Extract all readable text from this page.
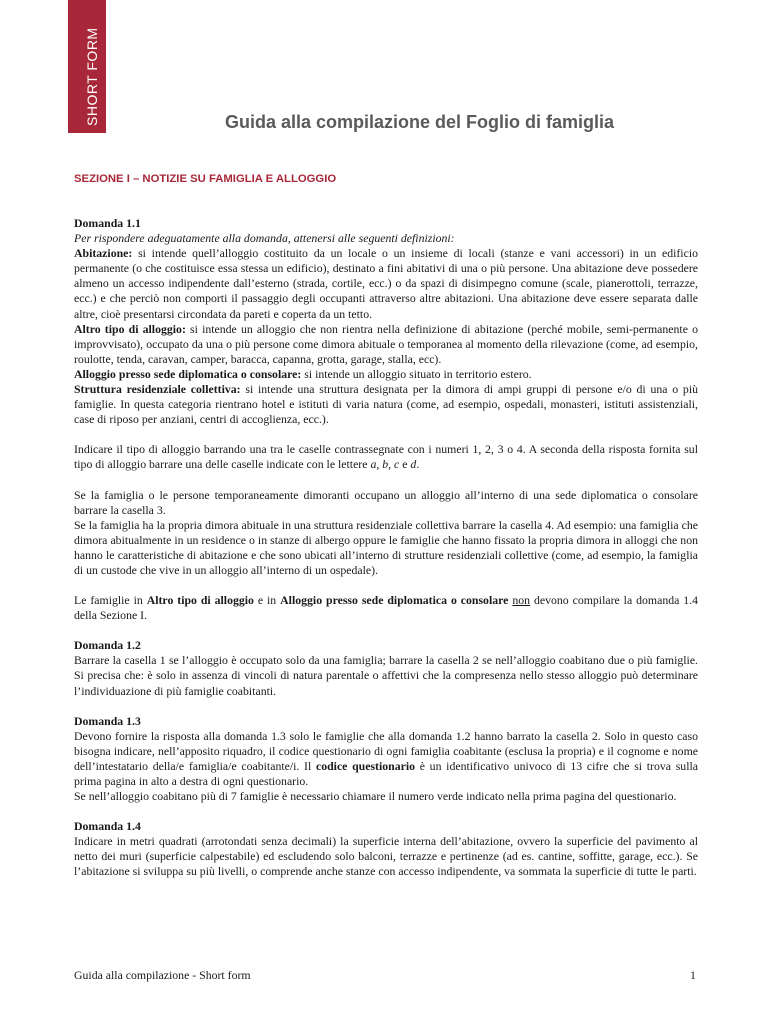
SHORT FORM	Guida alla compilazione del Foglio di famiglia
SEZIONE I – NOTIZIE SU FAMIGLIA E ALLOGGIO

Domanda 1.1

Per rispondere adeguatamente alla domanda, attenersi alle seguenti definizioni:

Abitazione: si intende quell’alloggio costituito da un locale o un insieme di locali (stanze e vani accessori) in un edificio permanente (o che costituisce essa stessa un edificio), destinato a fini abitativi di una o più persone. Una abitazione deve possedere almeno un accesso indipendente dall’esterno (strada, cortile, ecc.) o da spazi di disimpegno comune (scale, pianerottoli, terrazze, ecc.) e che perciò non comporti il passaggio degli occupanti attraverso altre abitazioni. Una abitazione deve essere separata dalle altre, cioè presentarsi circondata da pareti e coperta da un tetto.

Altro tipo di alloggio: si intende un alloggio che non rientra nella definizione di abitazione (perché mobile, semi-permanente o improvvisato), occupato da una o più persone come dimora abituale o temporanea al momento della rilevazione (come, ad esempio, roulotte, tenda, caravan, camper, baracca, capanna, grotta, garage, stalla, ecc).

Alloggio presso sede diplomatica o consolare: si intende un alloggio situato in territorio estero.

Struttura residenziale collettiva: si intende una struttura designata per la dimora di ampi gruppi di persone e/o di una o più famiglie. In questa categoria rientrano hotel e istituti di varia natura (come, ad esempio, ospedali, monasteri, istituti assistenziali, case di riposo per anziani, centri di accoglienza, ecc.).

Indicare il tipo di alloggio barrando una tra le caselle contrassegnate con i numeri 1, 2, 3 o 4. A seconda della risposta fornita sul tipo di alloggio barrare una delle caselle indicate con le lettere a, b, c e d.

Se la famiglia o le persone temporaneamente dimoranti occupano un alloggio all’interno di una sede diplomatica o consolare barrare la casella 3.

Se la famiglia ha la propria dimora abituale in una struttura residenziale collettiva barrare la casella 4. Ad esempio: una famiglia che dimora abitualmente in un residence o in stanze di albergo oppure le famiglie che hanno fissato la propria dimora in alloggi che non hanno le caratteristiche di abitazione e che sono ubicati all’interno di strutture residenziali collettive (come, ad esempio, la famiglia di un custode che vive in un alloggio all’interno di un ospedale).

Le famiglie in Altro tipo di alloggio e in Alloggio presso sede diplomatica o consolare non devono compilare la domanda 1.4 della Sezione I.

Domanda 1.2

Barrare la casella 1 se l’alloggio è occupato solo da una famiglia; barrare la casella 2 se nell’alloggio coabitano due o più famiglie. Si precisa che: è solo in assenza di vincoli di natura parentale o affettivi che la compresenza nello stesso alloggio può determinare l’individuazione di più famiglie coabitanti.

Domanda 1.3

Devono fornire la risposta alla domanda 1.3 solo le famiglie che alla domanda 1.2 hanno barrato la casella 2. Solo in questo caso bisogna indicare, nell’apposito riquadro, il codice questionario di ogni famiglia coabitante (esclusa la propria) e il cognome e nome dell’intestatario della/e famiglia/e coabitante/i. Il codice questionario è un identificativo univoco di 13 cifre che si trova sulla prima pagina in alto a destra di ogni questionario.

Se nell’alloggio coabitano più di 7 famiglie è necessario chiamare il numero verde indicato nella prima pagina del questionario.

Domanda 1.4

Indicare in metri quadrati (arrotondati senza decimali) la superficie interna dell’abitazione, ovvero la superficie del pavimento al netto dei muri (superficie calpestabile) ed escludendo solo balconi, terrazze e pertinenze (ad es. cantine, soffitte, garage, ecc.). Se l’abitazione si sviluppa su più livelli, o comprende anche stanze con accesso indipendente, va sommata la superficie di tutte le parti.

Guida alla compilazione - Short form	1
